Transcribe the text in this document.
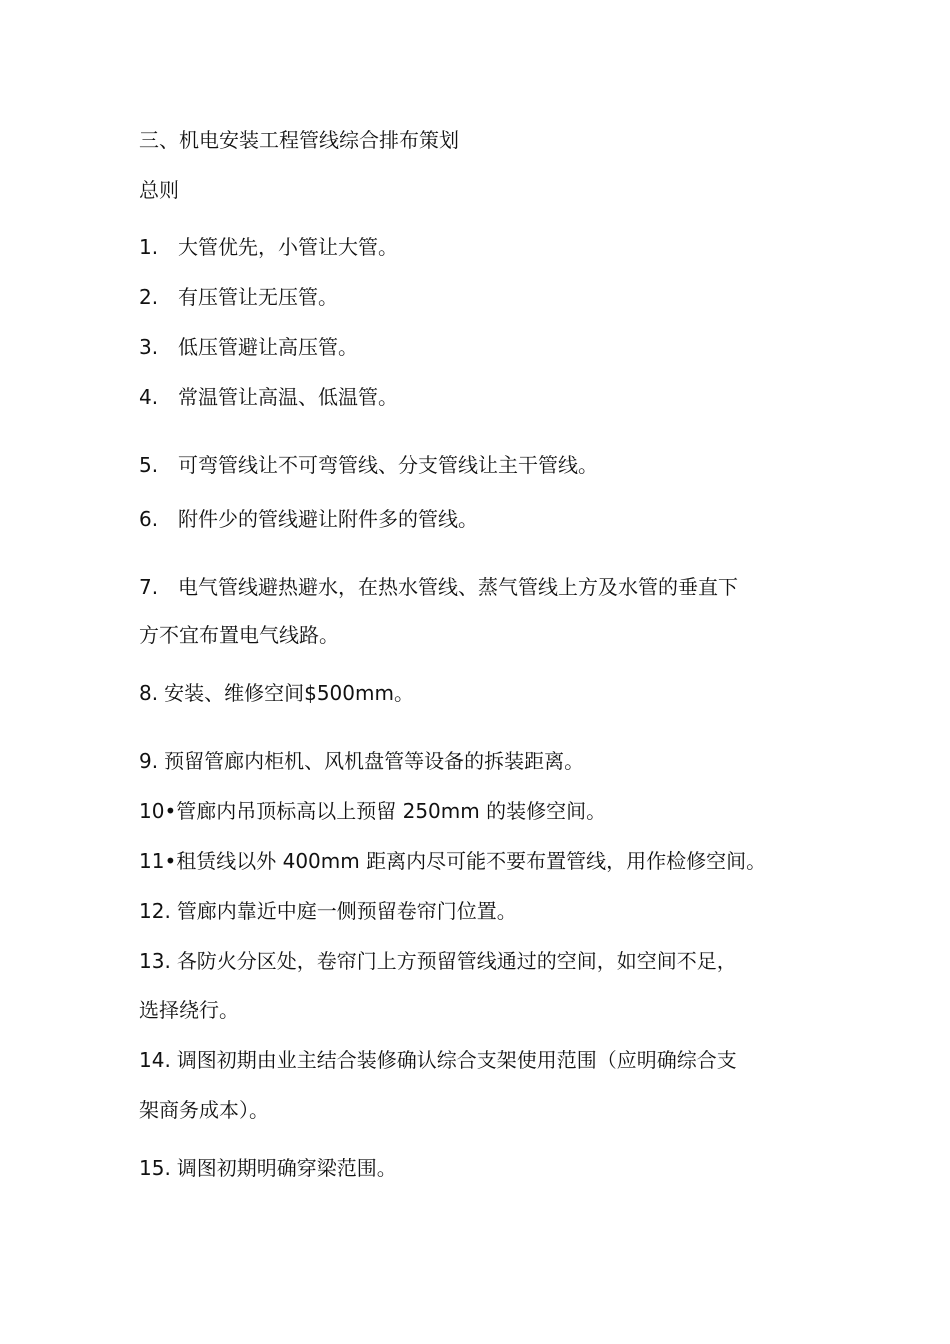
三、机电安装工程管线综合排布策划
总则
1. 大管优先，小管让大管。
2. 有压管让无压管。
3. 低压管避让高压管。
4. 常温管让高温、低温管。
5. 可弯管线让不可弯管线、分支管线让主干管线。
6. 附件少的管线避让附件多的管线。
7. 电气管线避热避水，在热水管线、蒸气管线上方及水管的垂直下
方不宜布置电气线路。
8. 安装、维修空间$500mm。
9. 预留管廊内柜机、风机盘管等设备的拆装距离。
10•管廊内吊顶标高以上预留 250mm 的装修空间。
11•租赁线以外 400mm 距离内尽可能不要布置管线，用作检修空间。
12. 管廊内靠近中庭一侧预留卷帘门位置。
13. 各防火分区处，卷帘门上方预留管线通过的空间，如空间不足，
选择绕行。
14. 调图初期由业主结合装修确认综合支架使用范围（应明确综合支
架商务成本）。
15. 调图初期明确穿梁范围。
